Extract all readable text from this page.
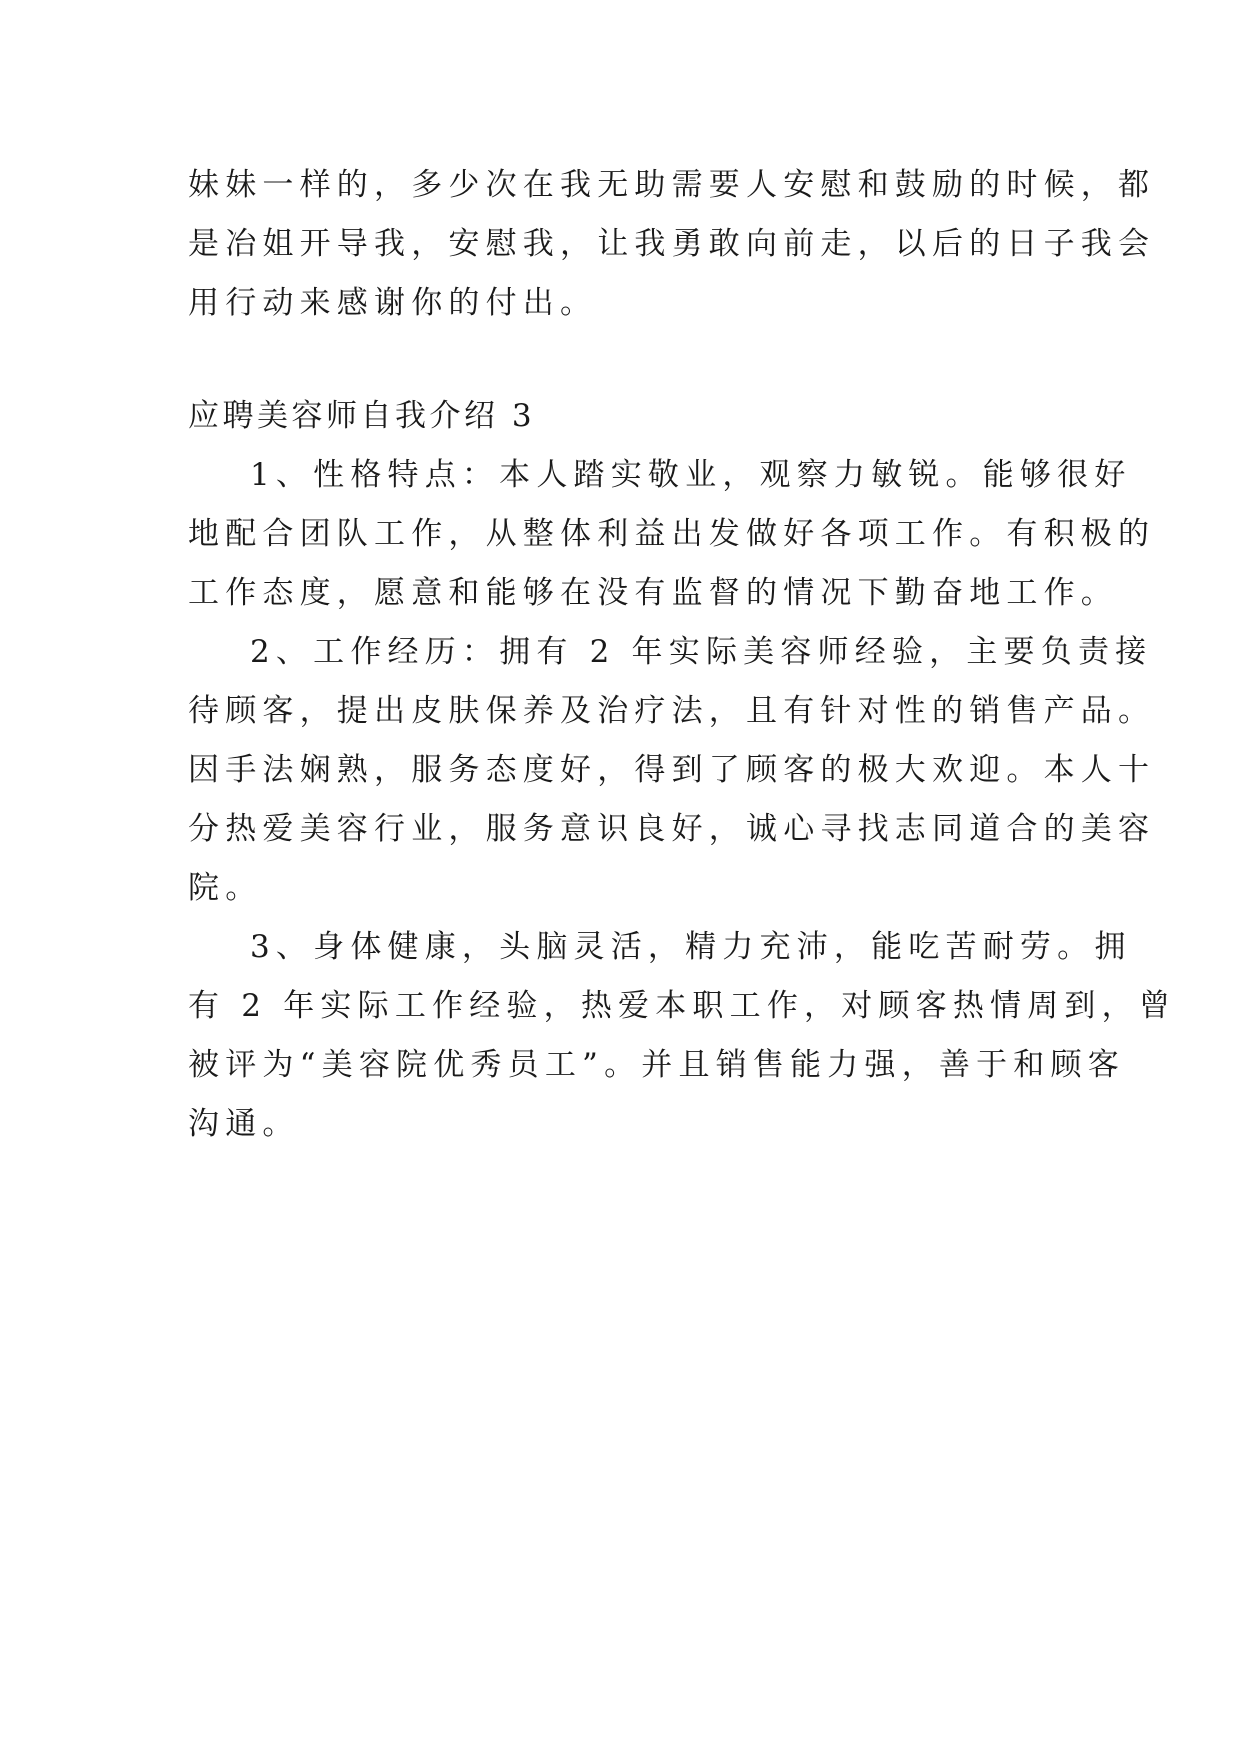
妹妹一样的，多少次在我无助需要人安慰和鼓励的时候，都
是冶姐开导我，安慰我，让我勇敢向前走，以后的日子我会
用行动来感谢你的付出。
应聘美容师自我介绍 3
1、性格特点：本人踏实敬业，观察力敏锐。能够很好
地配合团队工作，从整体利益出发做好各项工作。有积极的
工作态度，愿意和能够在没有监督的情况下勤奋地工作。
2、工作经历：拥有 2 年实际美容师经验，主要负责接
待顾客，提出皮肤保养及治疗法，且有针对性的销售产品。
因手法娴熟，服务态度好，得到了顾客的极大欢迎。本人十
分热爱美容行业，服务意识良好，诚心寻找志同道合的美容
院。
3、身体健康，头脑灵活，精力充沛，能吃苦耐劳。拥
有 2 年实际工作经验，热爱本职工作，对顾客热情周到，曾
被评为“美容院优秀员工”。并且销售能力强，善于和顾客
沟通。
